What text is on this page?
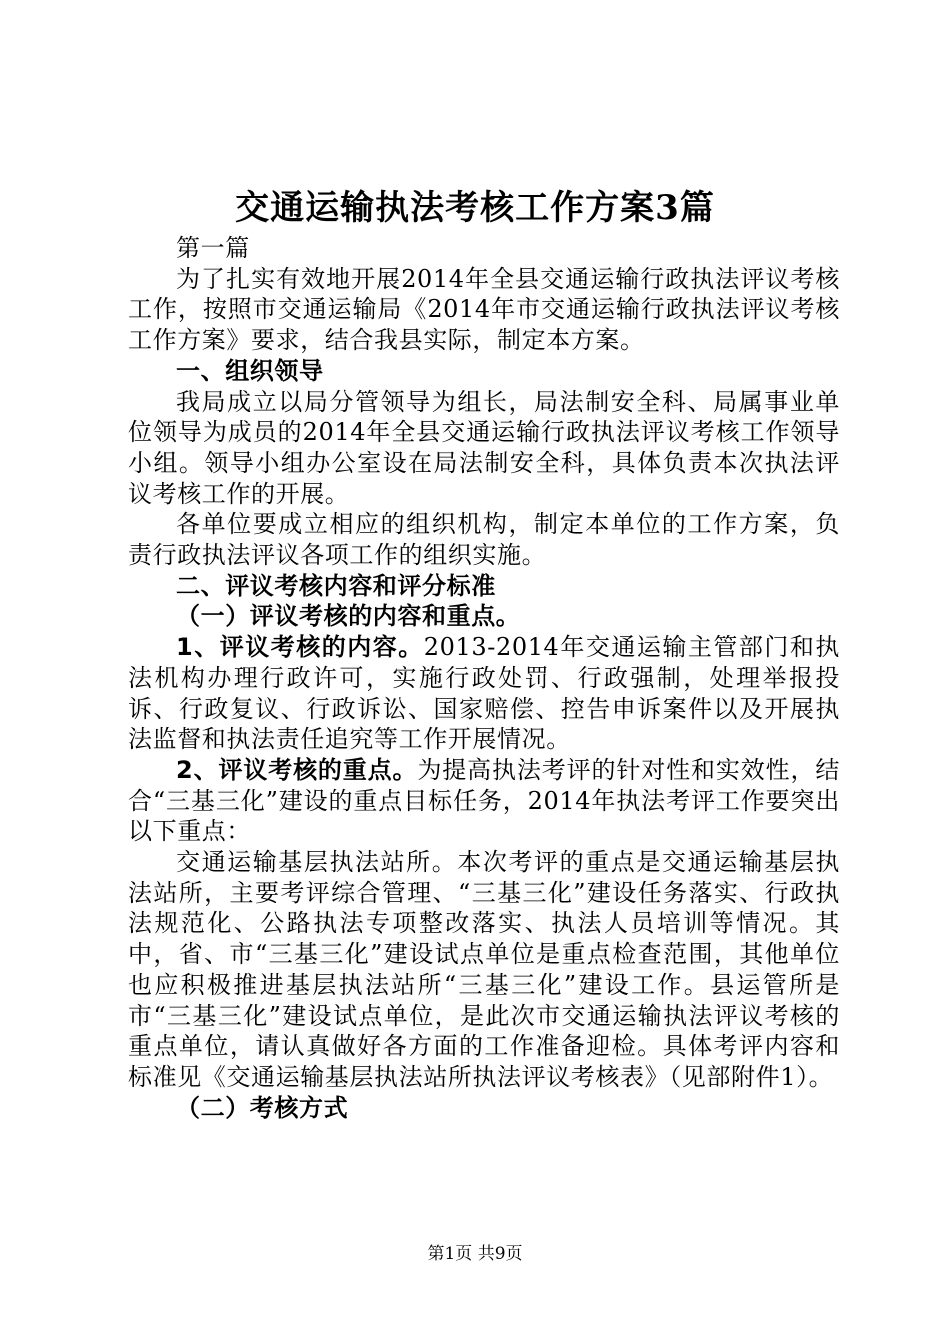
交通运输执法考核工作方案3篇

第一篇

为了扎实有效地开展2014年全县交通运输行政执法评议考核工作，按照市交通运输局《2014年市交通运输行政执法评议考核工作方案》要求，结合我县实际，制定本方案。

一、组织领导

我局成立以局分管领导为组长，局法制安全科、局属事业单位领导为成员的2014年全县交通运输行政执法评议考核工作领导小组。领导小组办公室设在局法制安全科，具体负责本次执法评议考核工作的开展。

各单位要成立相应的组织机构，制定本单位的工作方案，负责行政执法评议各项工作的组织实施。

二、评议考核内容和评分标准

（一）评议考核的内容和重点。

1、评议考核的内容。2013-2014年交通运输主管部门和执法机构办理行政许可，实施行政处罚、行政强制，处理举报投诉、行政复议、行政诉讼、国家赔偿、控告申诉案件以及开展执法监督和执法责任追究等工作开展情况。

2、评议考核的重点。为提高执法考评的针对性和实效性，结合“三基三化”建设的重点目标任务，2014年执法考评工作要突出以下重点：

交通运输基层执法站所。本次考评的重点是交通运输基层执法站所，主要考评综合管理、“三基三化”建设任务落实、行政执法规范化、公路执法专项整改落实、执法人员培训等情况。其中，省、市“三基三化”建设试点单位是重点检查范围，其他单位也应积极推进基层执法站所“三基三化”建设工作。县运管所是市“三基三化”建设试点单位，是此次市交通运输执法评议考核的重点单位，请认真做好各方面的工作准备迎检。具体考评内容和标准见《交通运输基层执法站所执法评议考核表》（见部附件1）。

（二）考核方式

第1页 共9页
